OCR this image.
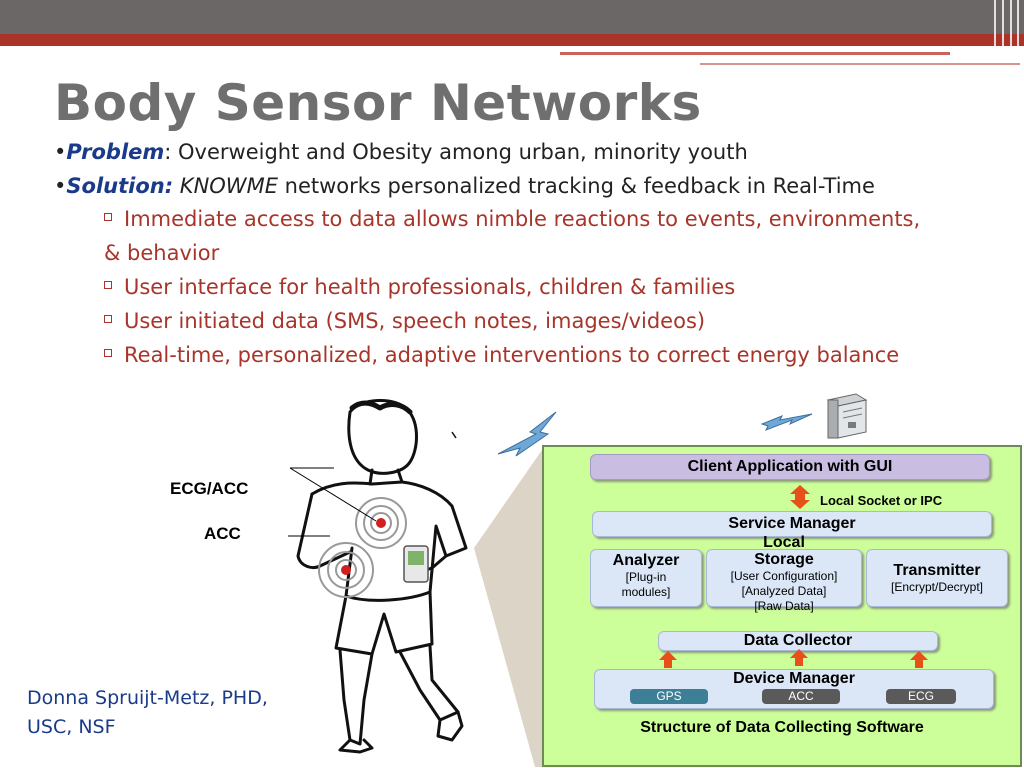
Body Sensor Networks
•Problem: Overweight and Obesity among urban, minority youth
•Solution: KNOWME networks personalized tracking & feedback in Real-Time
Immediate access to data allows nimble reactions to events, environments,
& behavior
User interface for health professionals, children & families
User initiated data (SMS, speech notes, images/videos)
Real-time, personalized, adaptive interventions to correct energy balance
ECG/ACC
ACC
Donna Spruijt-Metz, PHD,
USC, NSF
Client Application with GUI
Local Socket or IPC
Service Manager
Analyzer
[Plug-in
modules]
Local
Storage
[User Configuration]
[Analyzed Data]
[Raw Data]
Transmitter
[Encrypt/Decrypt]
Data Collector
Device Manager
GPS	ACC	ECG
Structure of Data Collecting Software
